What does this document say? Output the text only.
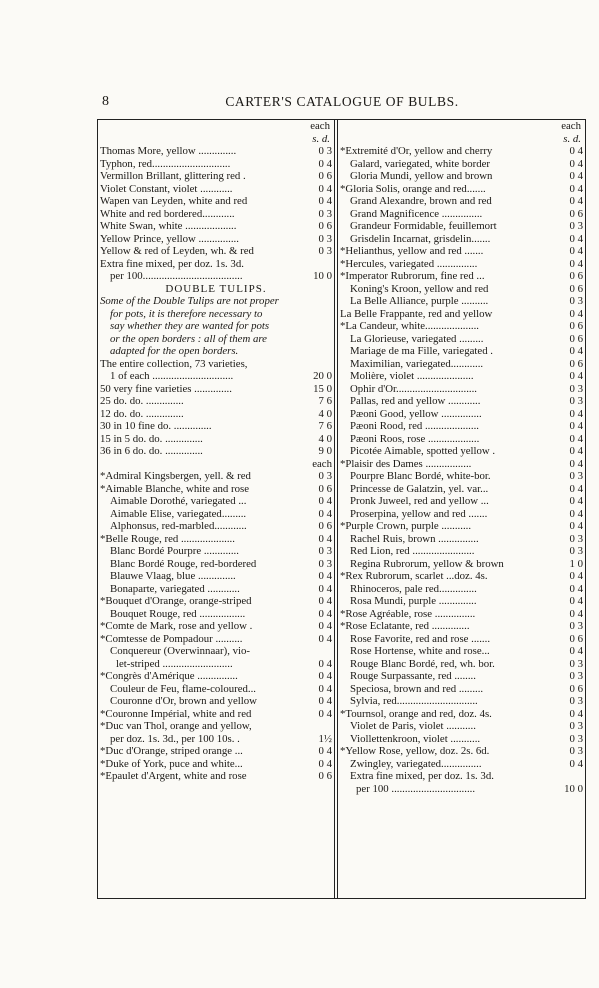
8	CARTER'S CATALOGUE OF BULBS.
each
s. d.
Thomas More, yellow ..............	0 3
Typhon, red.............................	0 4
Vermillon Brillant, glittering red .	0 6
Violet Constant, violet ............	0 4
Wapen van Leyden, white and red	0 4
White and red bordered............	0 3
White Swan, white ...................	0 6
Yellow Prince, yellow ...............	0 3
Yellow & red of Leyden, wh. & red	0 3
Extra fine mixed, per doz. 1s. 3d.
per 100.....................................	10 0
DOUBLE TULIPS.
Some of the Double Tulips are not proper
for pots, it is therefore necessary to
say whether they are wanted for pots
or the open borders : all of them are
adapted for the open borders.
The entire collection, 73 varieties,
1 of each ..............................	20 0
50 very fine varieties ..............	15 0
25 do. do. ..............	7 6
12 do. do. ..............	4 0
30 in 10 fine do. ..............	7 6
15 in 5 do. do. ..............	4 0
36 in 6 do. do. ..............	9 0
each
*Admiral Kingsbergen, yell. & red	0 3
*Aimable Blanche, white and rose	0 6
Aimable Dorothé, variegated ...	0 4
Aimable Elise, variegated.........	0 4
Alphonsus, red-marbled............	0 6
*Belle Rouge, red ....................	0 4
Blanc Bordé Pourpre .............	0 3
Blanc Bordé Rouge, red-bordered	0 3
Blauwe Vlaag, blue ..............	0 4
Bonaparte, variegated ............	0 4
*Bouquet d'Orange, orange-striped	0 4
Bouquet Rouge, red .................	0 4
*Comte de Mark, rose and yellow .	0 4
*Comtesse de Pompadour ..........	0 4
Conquereur (Overwinnaar), vio-
let-striped ..........................	0 4
*Congrès d'Amérique ...............	0 4
Couleur de Feu, flame-coloured...	0 4
Couronne d'Or, brown and yellow	0 4
*Couronne Impérial, white and red	0 4
*Duc van Thol, orange and yellow,
per doz. 1s. 3d., per 100 10s. .	1½
*Duc d'Orange, striped orange ...	0 4
*Duke of York, puce and white...	0 4
*Epaulet d'Argent, white and rose	0 6
each
s. d.
*Extremité d'Or, yellow and cherry	0 4
Galard, variegated, white border	0 4
Gloria Mundi, yellow and brown	0 4
*Gloria Solis, orange and red.......	0 4
Grand Alexandre, brown and red	0 4
Grand Magnificence ...............	0 6
Grandeur Formidable, feuillemort	0 3
Grisdelin Incarnat, grisdelin.......	0 4
*Helianthus, yellow and red .......	0 4
*Hercules, variegated ...............	0 4
*Imperator Rubrorum, fine red ...	0 6
Koning's Kroon, yellow and red	0 6
La Belle Alliance, purple ..........	0 3
La Belle Frappante, red and yellow	0 4
*La Candeur, white....................	0 6
La Glorieuse, variegated .........	0 6
Mariage de ma Fille, variegated .	0 4
Maximilian, variegated............	0 6
Molière, violet .....................	0 4
Ophir d'Or..............................	0 3
Pallas, red and yellow ............	0 3
Pæoni Good, yellow ...............	0 4
Pæoni Rood, red ....................	0 4
Pæoni Roos, rose ...................	0 4
Picotée Aimable, spotted yellow .	0 4
*Plaisir des Dames .................	0 4
Pourpre Blanc Bordé, white-bor.	0 3
Princesse de Galatzin, yel. var...	0 4
Pronk Juweel, red and yellow ...	0 4
Proserpina, yellow and red .......	0 4
*Purple Crown, purple ...........	0 4
Rachel Ruis, brown ...............	0 3
Red Lion, red .......................	0 3
Regina Rubrorum, yellow & brown	1 0
*Rex Rubrorum, scarlet ...doz. 4s.	0 4
Rhinoceros, pale red..............	0 4
Rosa Mundi, purple ..............	0 4
*Rose Agréable, rose ...............	0 4
*Rose Eclatante, red ..............	0 3
Rose Favorite, red and rose .......	0 6
Rose Hortense, white and rose...	0 4
Rouge Blanc Bordé, red, wh. bor.	0 3
Rouge Surpassante, red ........	0 3
Speciosa, brown and red .........	0 6
Sylvia, red..............................	0 3
*Tournsol, orange and red, doz. 4s.	0 4
Violet de Paris, violet ...........	0 3
Viollettenkroon, violet ...........	0 3
*Yellow Rose, yellow, doz. 2s. 6d.	0 3
Zwingley, variegated...............	0 4
Extra fine mixed, per doz. 1s. 3d.
per 100 ...............................	10 0
